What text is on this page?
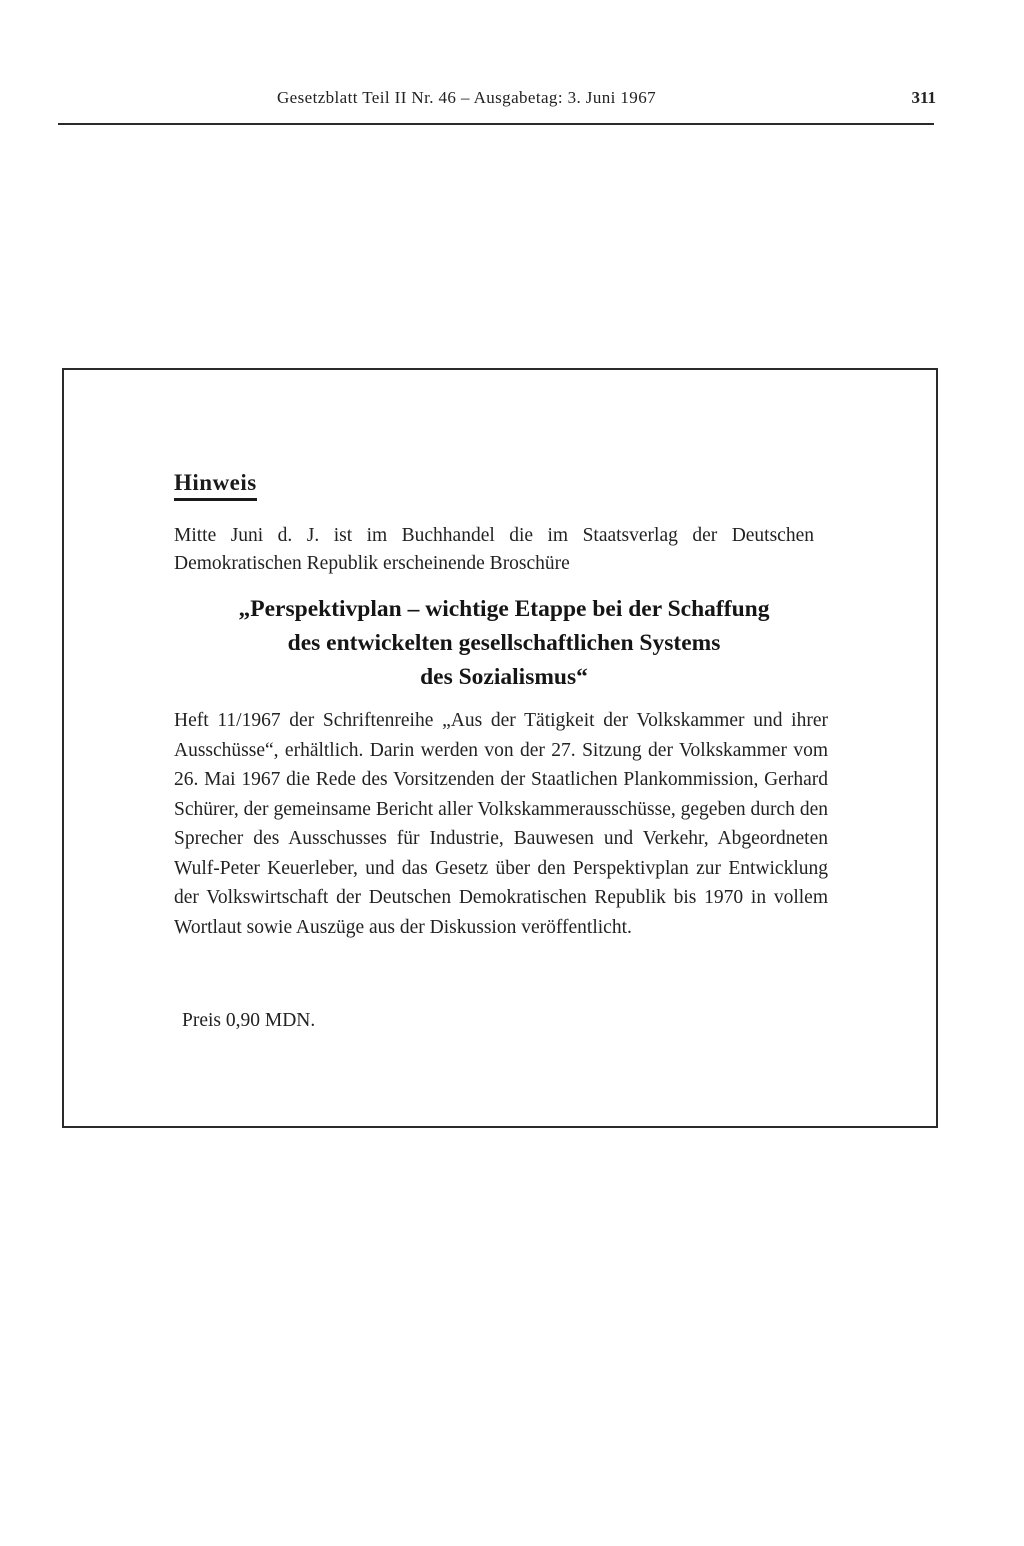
Gesetzblatt Teil II Nr. 46 – Ausgabetag: 3. Juni 1967	311
Hinweis
Mitte Juni d. J. ist im Buchhandel die im Staatsverlag der Deutschen Demokratischen Republik erscheinende Broschüre
„Perspektivplan – wichtige Etappe bei der Schaffung
des entwickelten gesellschaftlichen Systems
des Sozialismus“
Heft 11/1967 der Schriftenreihe „Aus der Tätigkeit der Volkskammer und ihrer Ausschüsse“, erhältlich. Darin werden von der 27. Sitzung der Volkskammer vom 26. Mai 1967 die Rede des Vorsitzenden der Staatlichen Plankommission, Gerhard Schürer, der gemeinsame Bericht aller Volkskammerausschüsse, gegeben durch den Sprecher des Ausschusses für Industrie, Bauwesen und Verkehr, Abgeordneten Wulf-Peter Keuerleber, und das Gesetz über den Perspektivplan zur Entwicklung der Volkswirtschaft der Deutschen Demokratischen Republik bis 1970 in vollem Wortlaut sowie Auszüge aus der Diskussion veröffentlicht.
Preis 0,90 MDN.
